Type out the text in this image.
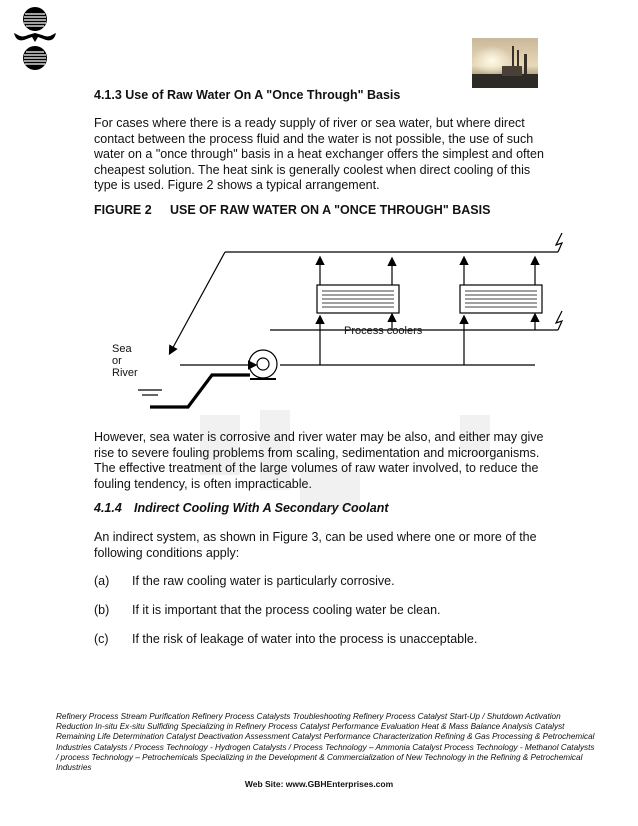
4.1.3 Use of Raw Water On A "Once Through" Basis
For cases where there is a ready supply of river or sea water, but where direct contact between the process fluid and the water is not possible, the use of such water on a "once through" basis in a heat exchanger offers the simplest and often cheapest solution. The heat sink is generally coolest when direct cooling of this type is used. Figure 2 shows a typical arrangement.
FIGURE 2 USE OF RAW WATER ON A "ONCE THROUGH" BASIS
Sea
or
River
Process coolers
However, sea water is corrosive and river water may be also, and either may give rise to severe fouling problems from scaling, sedimentation and microorganisms. The effective treatment of the large volumes of raw water involved, to reduce the fouling tendency, is often impracticable.
4.1.4 Indirect Cooling With A Secondary Coolant
An indirect system, as shown in Figure 3, can be used where one or more of the following conditions apply:
(a) If the raw cooling water is particularly corrosive.
(b) If it is important that the process cooling water be clean.
(c) If the risk of leakage of water into the process is unacceptable.
Refinery Process Stream Purification Refinery Process Catalysts Troubleshooting Refinery Process Catalyst Start-Up / Shutdown Activation Reduction In-situ Ex-situ Sulfiding Specializing in Refinery Process Catalyst Performance Evaluation Heat & Mass Balance Analysis Catalyst Remaining Life Determination Catalyst Deactivation Assessment Catalyst Performance Characterization Refining & Gas Processing & Petrochemical Industries Catalysts / Process Technology - Hydrogen Catalysts / Process Technology – Ammonia Catalyst Process Technology - Methanol Catalysts / process Technology – Petrochemicals Specializing in the Development & Commercialization of New Technology in the Refining & Petrochemical Industries
Web Site: www.GBHEnterprises.com
